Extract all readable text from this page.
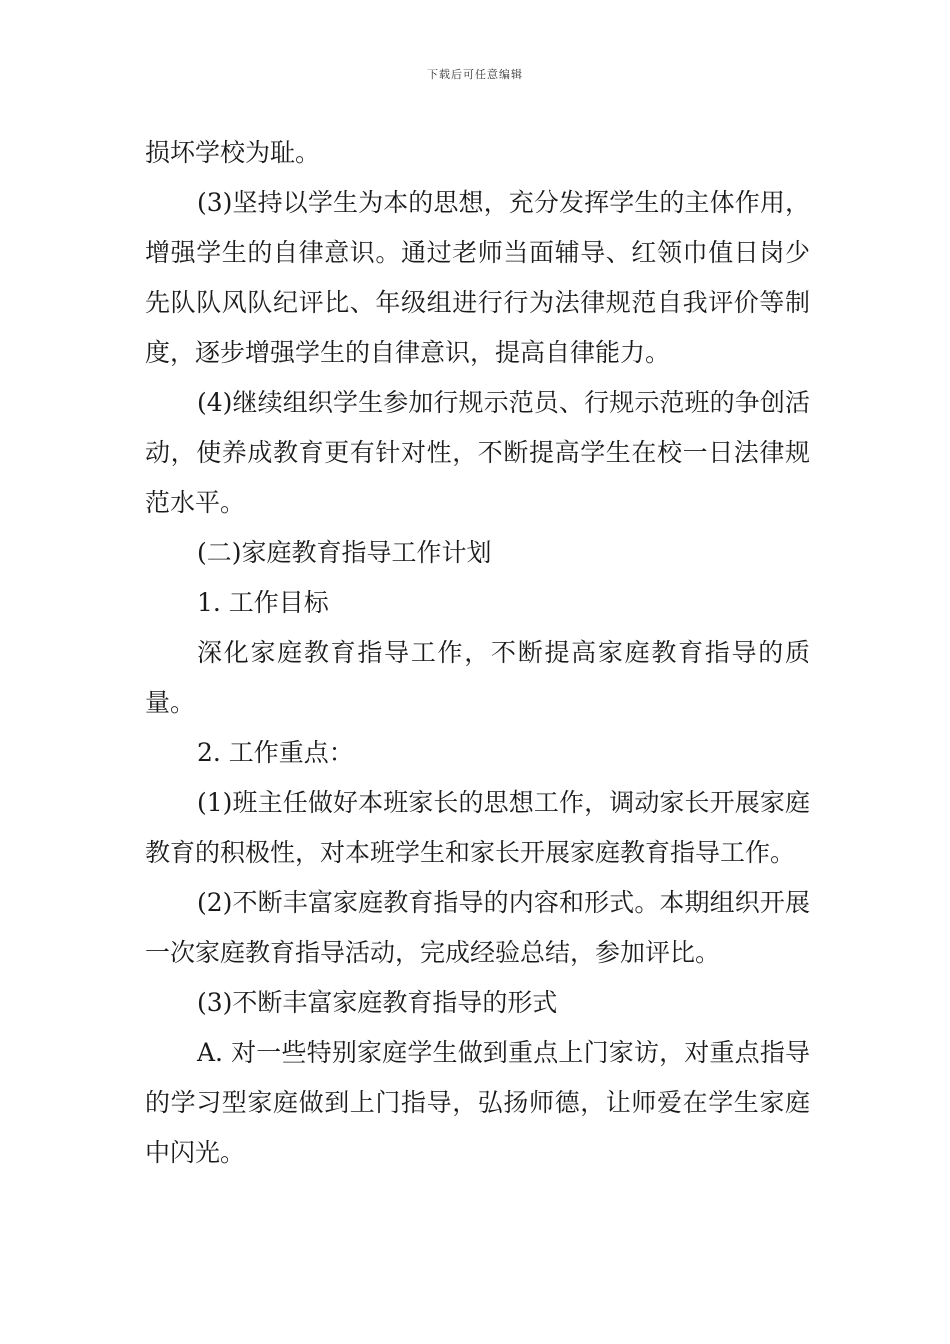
下载后可任意编辑

损坏学校为耻。

(3)坚持以学生为本的思想，充分发挥学生的主体作用，增强学生的自律意识。通过老师当面辅导、红领巾值日岗少先队队风队纪评比、年级组进行行为法律规范自我评价等制度，逐步增强学生的自律意识，提高自律能力。

(4)继续组织学生参加行规示范员、行规示范班的争创活动，使养成教育更有针对性，不断提高学生在校一日法律规范水平。

(二)家庭教育指导工作计划

1. 工作目标

深化家庭教育指导工作，不断提高家庭教育指导的质量。

2. 工作重点：

(1)班主任做好本班家长的思想工作，调动家长开展家庭教育的积极性，对本班学生和家长开展家庭教育指导工作。

(2)不断丰富家庭教育指导的内容和形式。本期组织开展一次家庭教育指导活动，完成经验总结，参加评比。

(3)不断丰富家庭教育指导的形式

A. 对一些特别家庭学生做到重点上门家访，对重点指导的学习型家庭做到上门指导，弘扬师德，让师爱在学生家庭中闪光。
